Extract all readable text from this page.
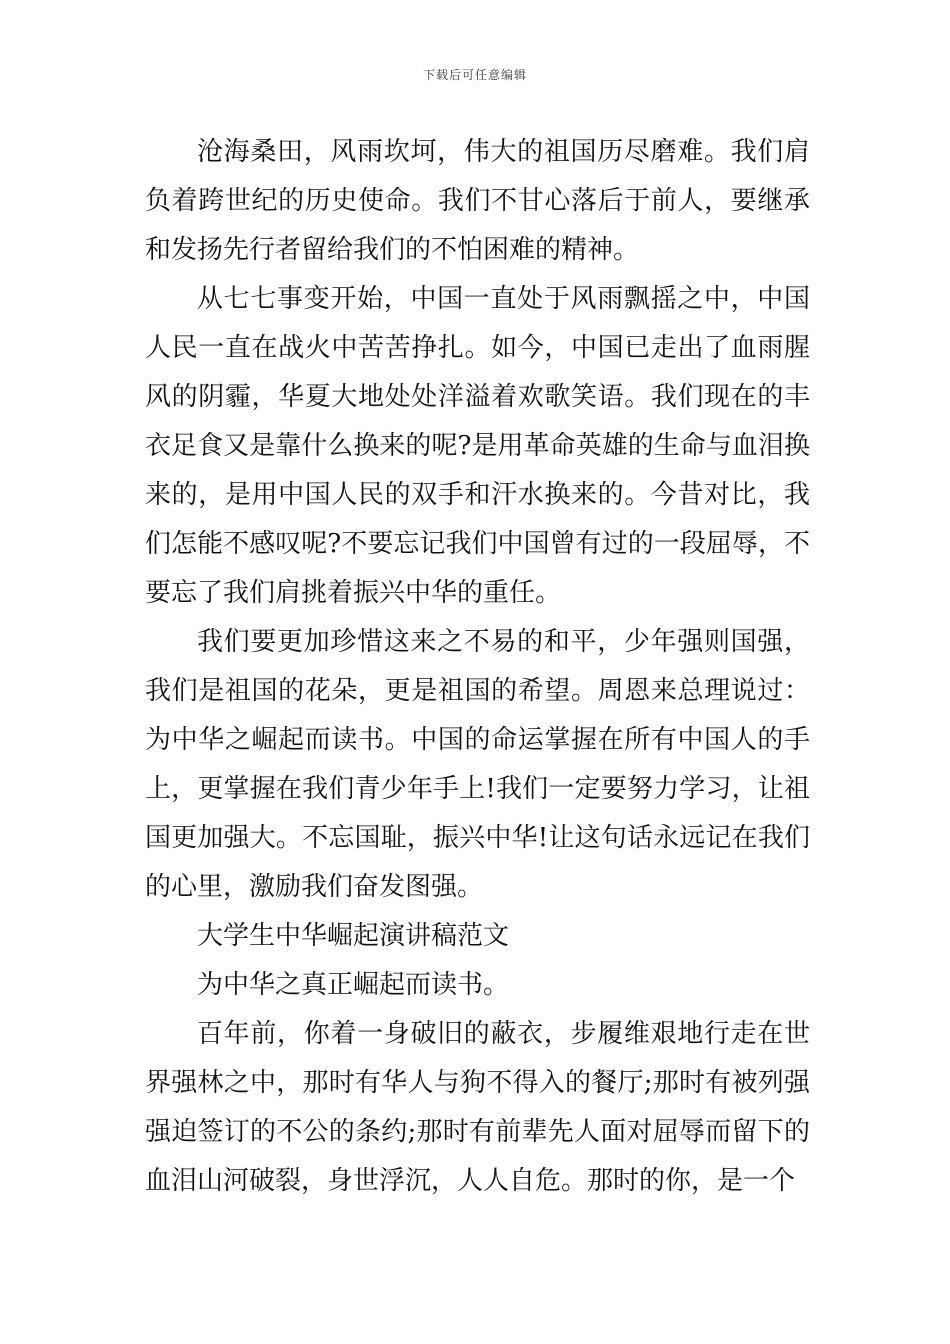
下载后可任意编辑

沧海桑田，风雨坎坷，伟大的祖国历尽磨难。我们肩负着跨世纪的历史使命。我们不甘心落后于前人，要继承和发扬先行者留给我们的不怕困难的精神。

从七七事变开始，中国一直处于风雨飘摇之中，中国人民一直在战火中苦苦挣扎。如今，中国已走出了血雨腥风的阴霾，华夏大地处处洋溢着欢歌笑语。我们现在的丰衣足食又是靠什么换来的呢?是用革命英雄的生命与血泪换来的，是用中国人民的双手和汗水换来的。今昔对比，我们怎能不感叹呢?不要忘记我们中国曾有过的一段屈辱，不要忘了我们肩挑着振兴中华的重任。

我们要更加珍惜这来之不易的和平，少年强则国强，我们是祖国的花朵，更是祖国的希望。周恩来总理说过：为中华之崛起而读书。中国的命运掌握在所有中国人的手上，更掌握在我们青少年手上!我们一定要努力学习，让祖国更加强大。不忘国耻，振兴中华!让这句话永远记在我们的心里，激励我们奋发图强。

大学生中华崛起演讲稿范文

为中华之真正崛起而读书。

百年前，你着一身破旧的蔽衣，步履维艰地行走在世界强林之中，那时有华人与狗不得入的餐厅;那时有被列强强迫签订的不公的条约;那时有前辈先人面对屈辱而留下的血泪山河破裂，身世浮沉，人人自危。那时的你，是一个
